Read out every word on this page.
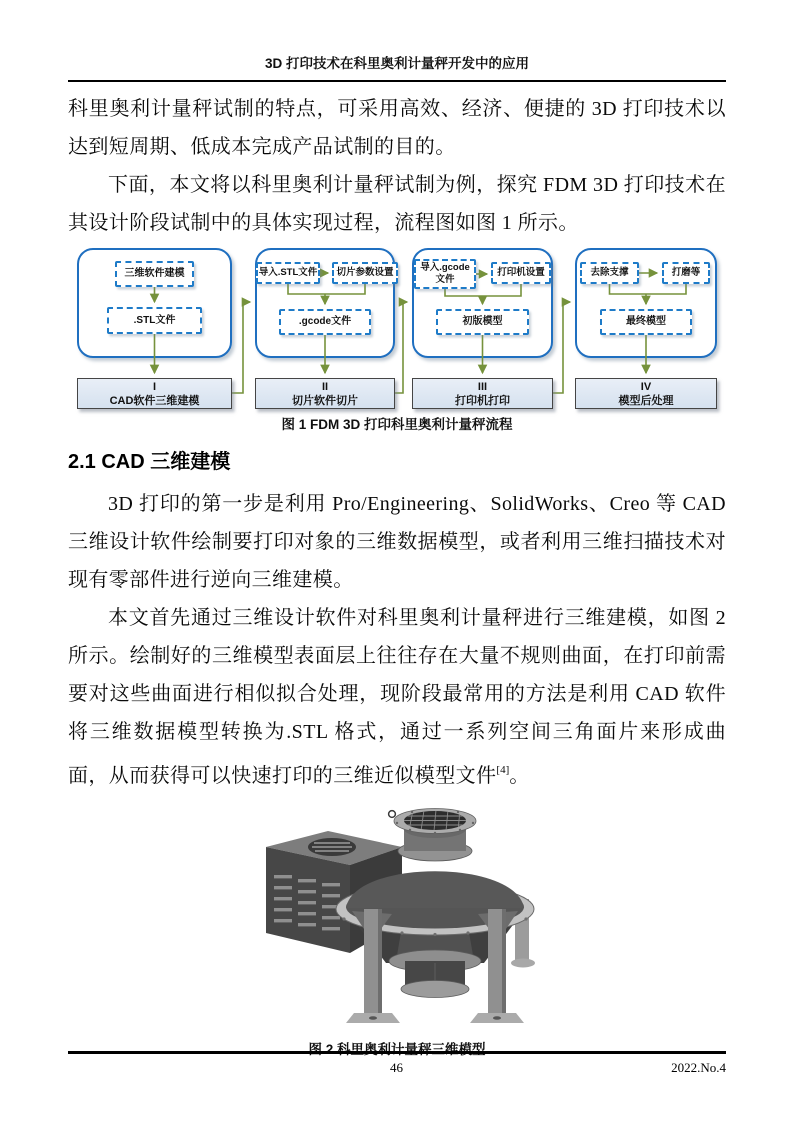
3D 打印技术在科里奥利计量秤开发中的应用

科里奥利计量秤试制的特点，可采用高效、经济、便捷的 3D 打印技术以达到短周期、低成本完成产品试制的目的。

下面，本文将以科里奥利计量秤试制为例，探究 FDM 3D 打印技术在其设计阶段试制中的具体实现过程，流程图如图 1 所示。

三维软件建模
.STL文件
导入.STL文件	切片参数设置
.gcode文件
导入.gcode文件
打印机设置
初版模型
去除支撑	打磨等
最终模型
I
CAD软件三维建模
II
切片软件切片
III
打印机打印
IV
模型后处理
图 1 FDM 3D 打印科里奥利计量秤流程
2.1 CAD 三维建模

3D 打印的第一步是利用 Pro/Engineering、SolidWorks、Creo 等 CAD 三维设计软件绘制要打印对象的三维数据模型，或者利用三维扫描技术对现有零部件进行逆向三维建模。

本文首先通过三维设计软件对科里奥利计量秤进行三维建模，如图 2 所示。绘制好的三维模型表面层上往往存在大量不规则曲面，在打印前需要对这些曲面进行相似拟合处理，现阶段最常用的方法是利用 CAD 软件将三维数据模型转换为.STL 格式，通过一系列空间三角面片来形成曲面，从而获得可以快速打印的三维近似模型文件[4]。

图 2 科里奥利计量秤三维模型
46	2022.No.4
